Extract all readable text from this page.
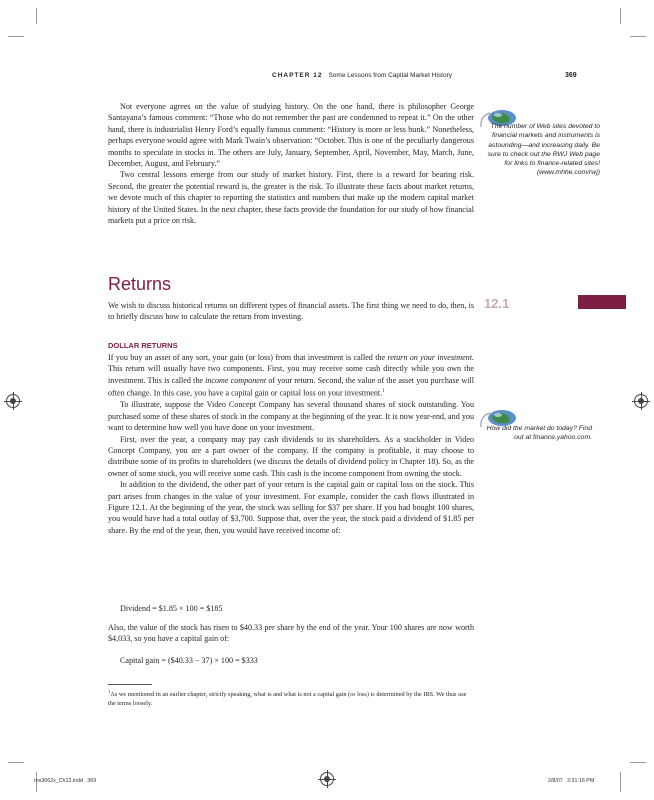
CHAPTER 12 Some Lessons from Capital Market History	369

Not everyone agrees on the value of studying history. On the one hand, there is philosopher George Santayana’s famous comment: “Those who do not remember the past are condemned to repeat it.” On the other hand, there is industrialist Henry Ford’s equally famous comment: “History is more or less bunk.” Nonetheless, perhaps everyone would agree with Mark Twain’s observation: “October. This is one of the peculiarly dangerous months to speculate in stocks in. The others are July, January, September, April, November, May, March, June, December, August, and February.”

Two central lessons emerge from our study of market history. First, there is a reward for bearing risk. Second, the greater the potential reward is, the greater is the risk. To illustrate these facts about market returns, we devote much of this chapter to reporting the statistics and numbers that make up the modern capital market history of the United States. In the next chapter, these facts provide the foundation for our study of how financial markets put a price on risk.

The number of Web sites devoted to financial markets and instruments is astounding—and increasing daily. Be sure to check out the RWJ Web page for links to finance-related sites! (www.mhhe.com/rwj)
Returns
12.1

We wish to discuss historical returns on different types of financial assets. The first thing we need to do, then, is to briefly discuss how to calculate the return from investing.

DOLLAR RETURNS

If you buy an asset of any sort, your gain (or loss) from that investment is called the return on your investment. This return will usually have two components. First, you may receive some cash directly while you own the investment. This is called the income component of your return. Second, the value of the asset you purchase will often change. In this case, you have a capital gain or capital loss on your investment.$^1$

To illustrate, suppose the Video Concept Company has several thousand shares of stock outstanding. You purchased some of these shares of stock in the company at the beginning of the year. It is now year-end, and you want to determine how well you have done on your investment.

First, over the year, a company may pay cash dividends to its shareholders. As a stockholder in Video Concept Company, you are a part owner of the company. If the company is profitable, it may choose to distribute some of its profits to shareholders (we discuss the details of dividend policy in Chapter 18). So, as the owner of some stock, you will receive some cash. This cash is the income component from owning the stock.

In addition to the dividend, the other part of your return is the capital gain or capital loss on the stock. This part arises from changes in the value of your investment. For example, consider the cash flows illustrated in Figure 12.1. At the beginning of the year, the stock was selling for $37 per share. If you had bought 100 shares, you would have had a total outlay of $3,700. Suppose that, over the year, the stock paid a dividend of $1.85 per share. By the end of the year, then, you would have received income of:

Dividend = $1.85 × 100 = $185

Also, the value of the stock has risen to $40.33 per share by the end of the year. Your 100 shares are now worth $4,033, so you have a capital gain of:

Capital gain = ($40.33 − 37) × 100 = $333
How did the market do today? Find out at finance.yahoo.com.
$^1$As we mentioned in an earlier chapter, strictly speaking, what is and what is not a capital gain (or loss) is determined by the IRS. We thus use the terms loosely.
ros3062x_Ch12.indd   369	2/8/07   2:31:16 PM
